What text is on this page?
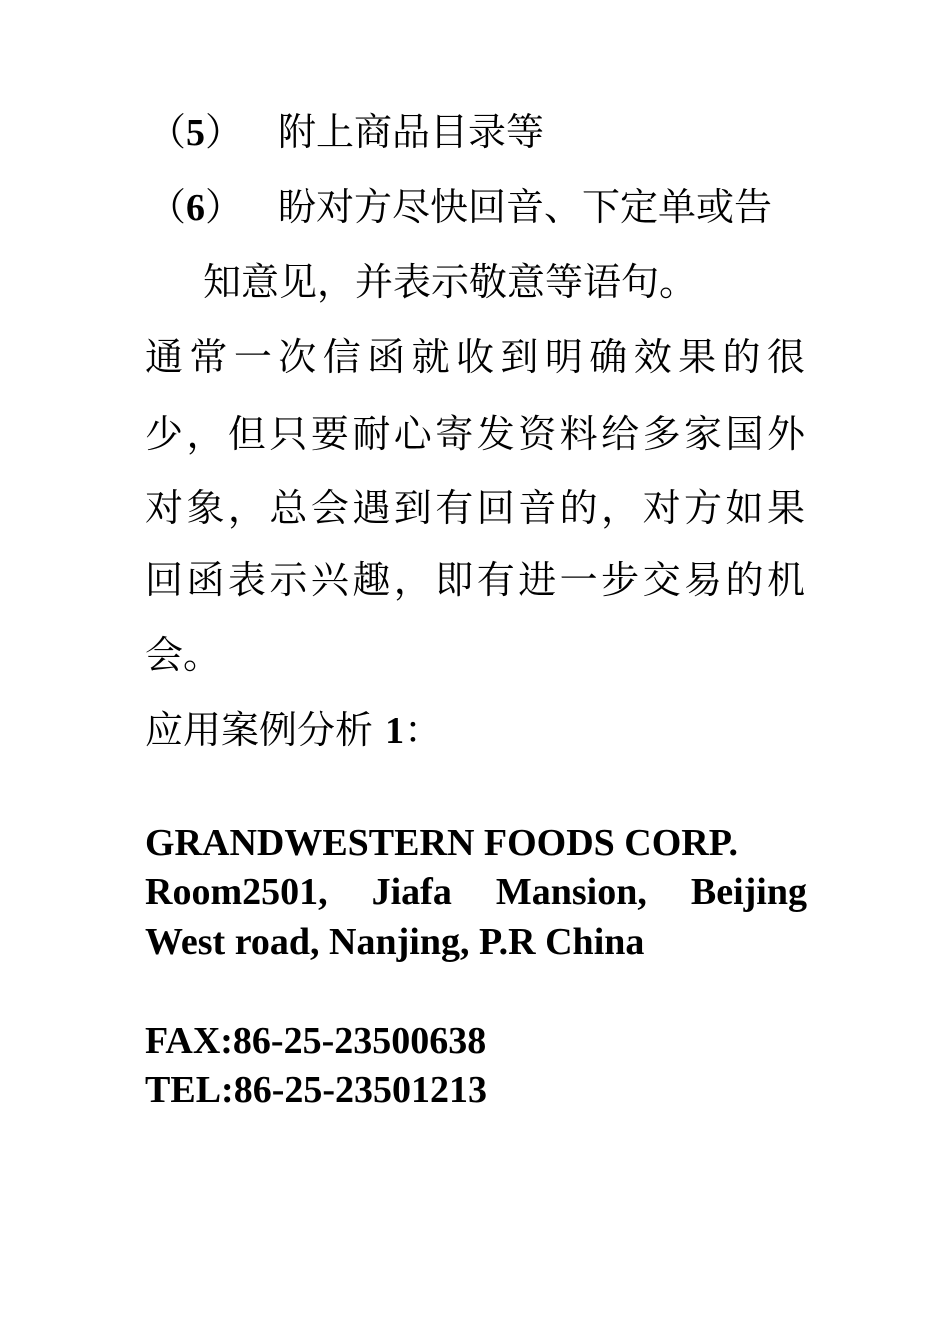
（5） 附上商品目录等
（6） 盼对方尽快回音、下定单或告
知意见，并表示敬意等语句。
通常一次信函就收到明确效果的很
少，但只要耐心寄发资料给多家国外
对象，总会遇到有回音的，对方如果
回函表示兴趣，即有进一步交易的机
会。
应用案例分析 1：
GRANDWESTERN FOODS CORP.
Room2501, Jiafa Mansion, Beijing
West road, Nanjing, P.R China
FAX:86-25-23500638
TEL:86-25-23501213
